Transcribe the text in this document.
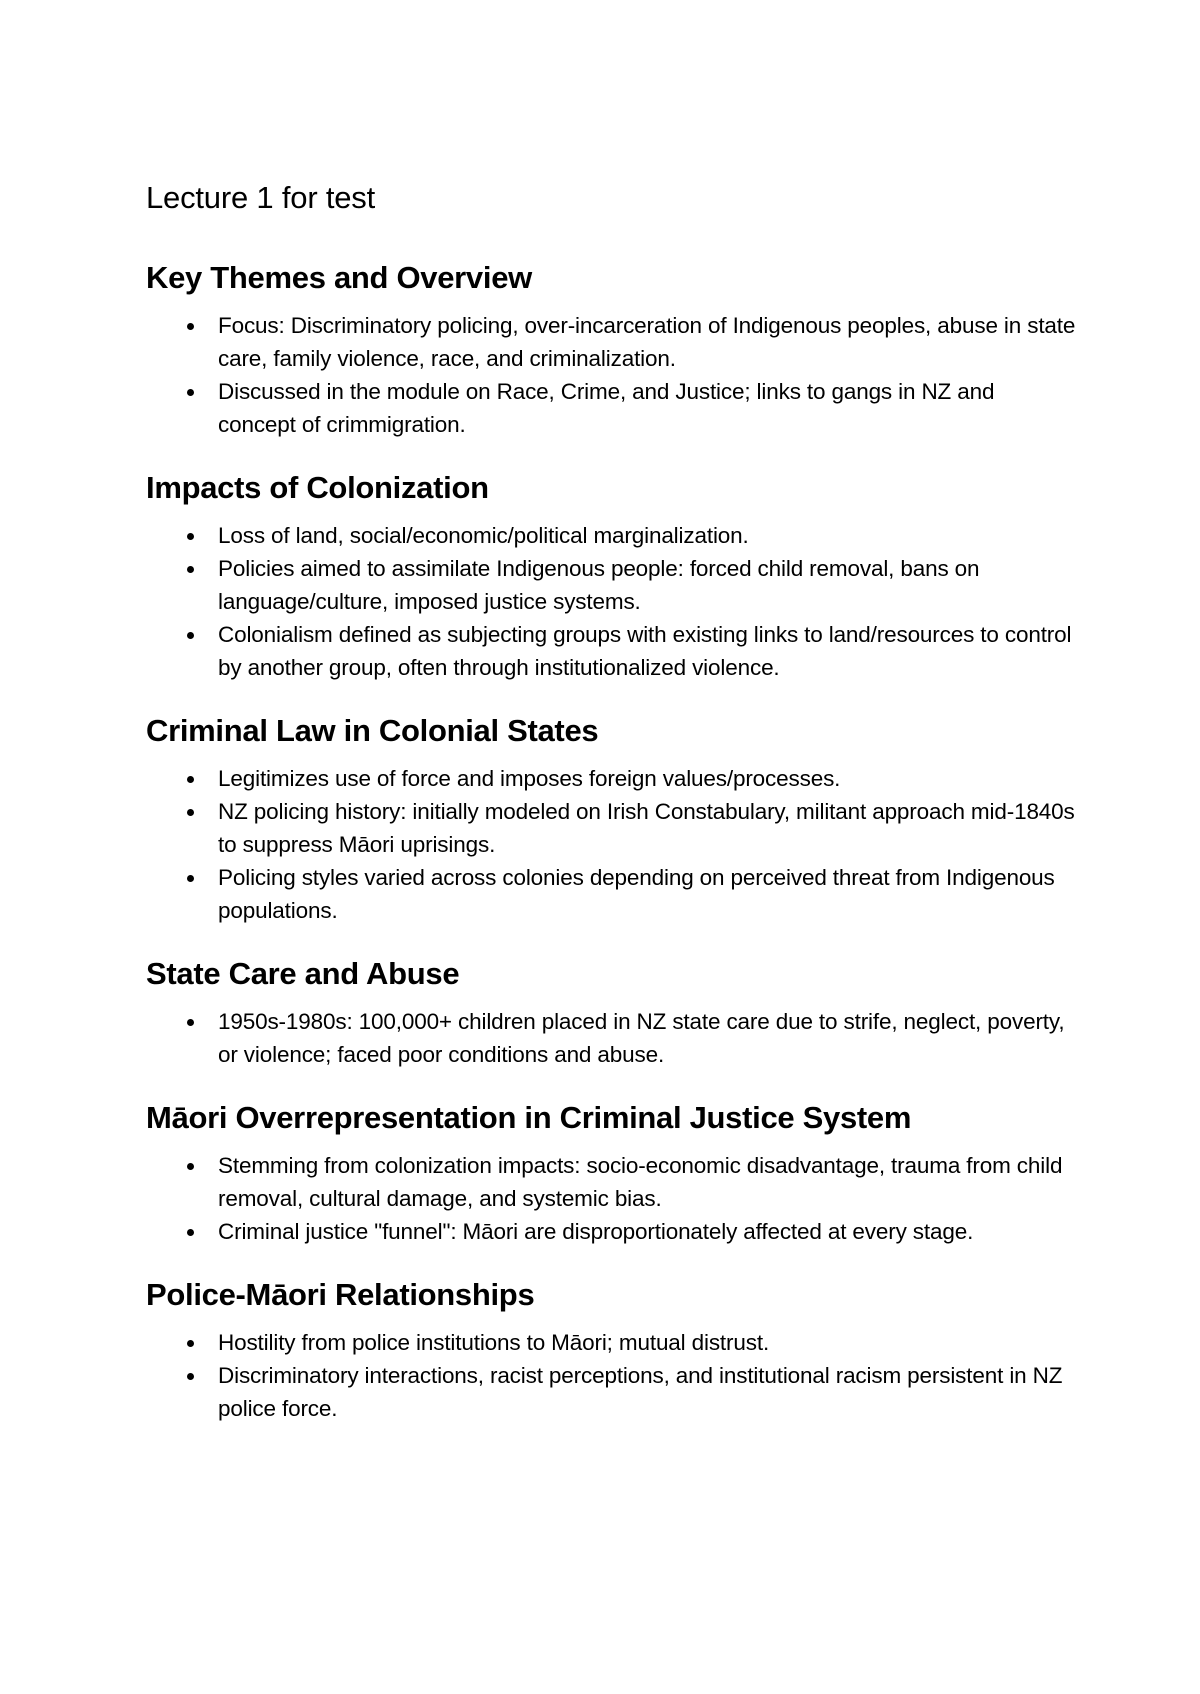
Lecture 1 for test
Key Themes and Overview
Focus: Discriminatory policing, over-incarceration of Indigenous peoples, abuse in state care, family violence, race, and criminalization.
Discussed in the module on Race, Crime, and Justice; links to gangs in NZ and concept of crimmigration.
Impacts of Colonization
Loss of land, social/economic/political marginalization.
Policies aimed to assimilate Indigenous people: forced child removal, bans on language/culture, imposed justice systems.
Colonialism defined as subjecting groups with existing links to land/resources to control by another group, often through institutionalized violence.
Criminal Law in Colonial States
Legitimizes use of force and imposes foreign values/processes.
NZ policing history: initially modeled on Irish Constabulary, militant approach mid-1840s to suppress Māori uprisings.
Policing styles varied across colonies depending on perceived threat from Indigenous populations.
State Care and Abuse
1950s-1980s: 100,000+ children placed in NZ state care due to strife, neglect, poverty, or violence; faced poor conditions and abuse.
Māori Overrepresentation in Criminal Justice System
Stemming from colonization impacts: socio-economic disadvantage, trauma from child removal, cultural damage, and systemic bias.
Criminal justice "funnel": Māori are disproportionately affected at every stage.
Police-Māori Relationships
Hostility from police institutions to Māori; mutual distrust.
Discriminatory interactions, racist perceptions, and institutional racism persistent in NZ police force.
